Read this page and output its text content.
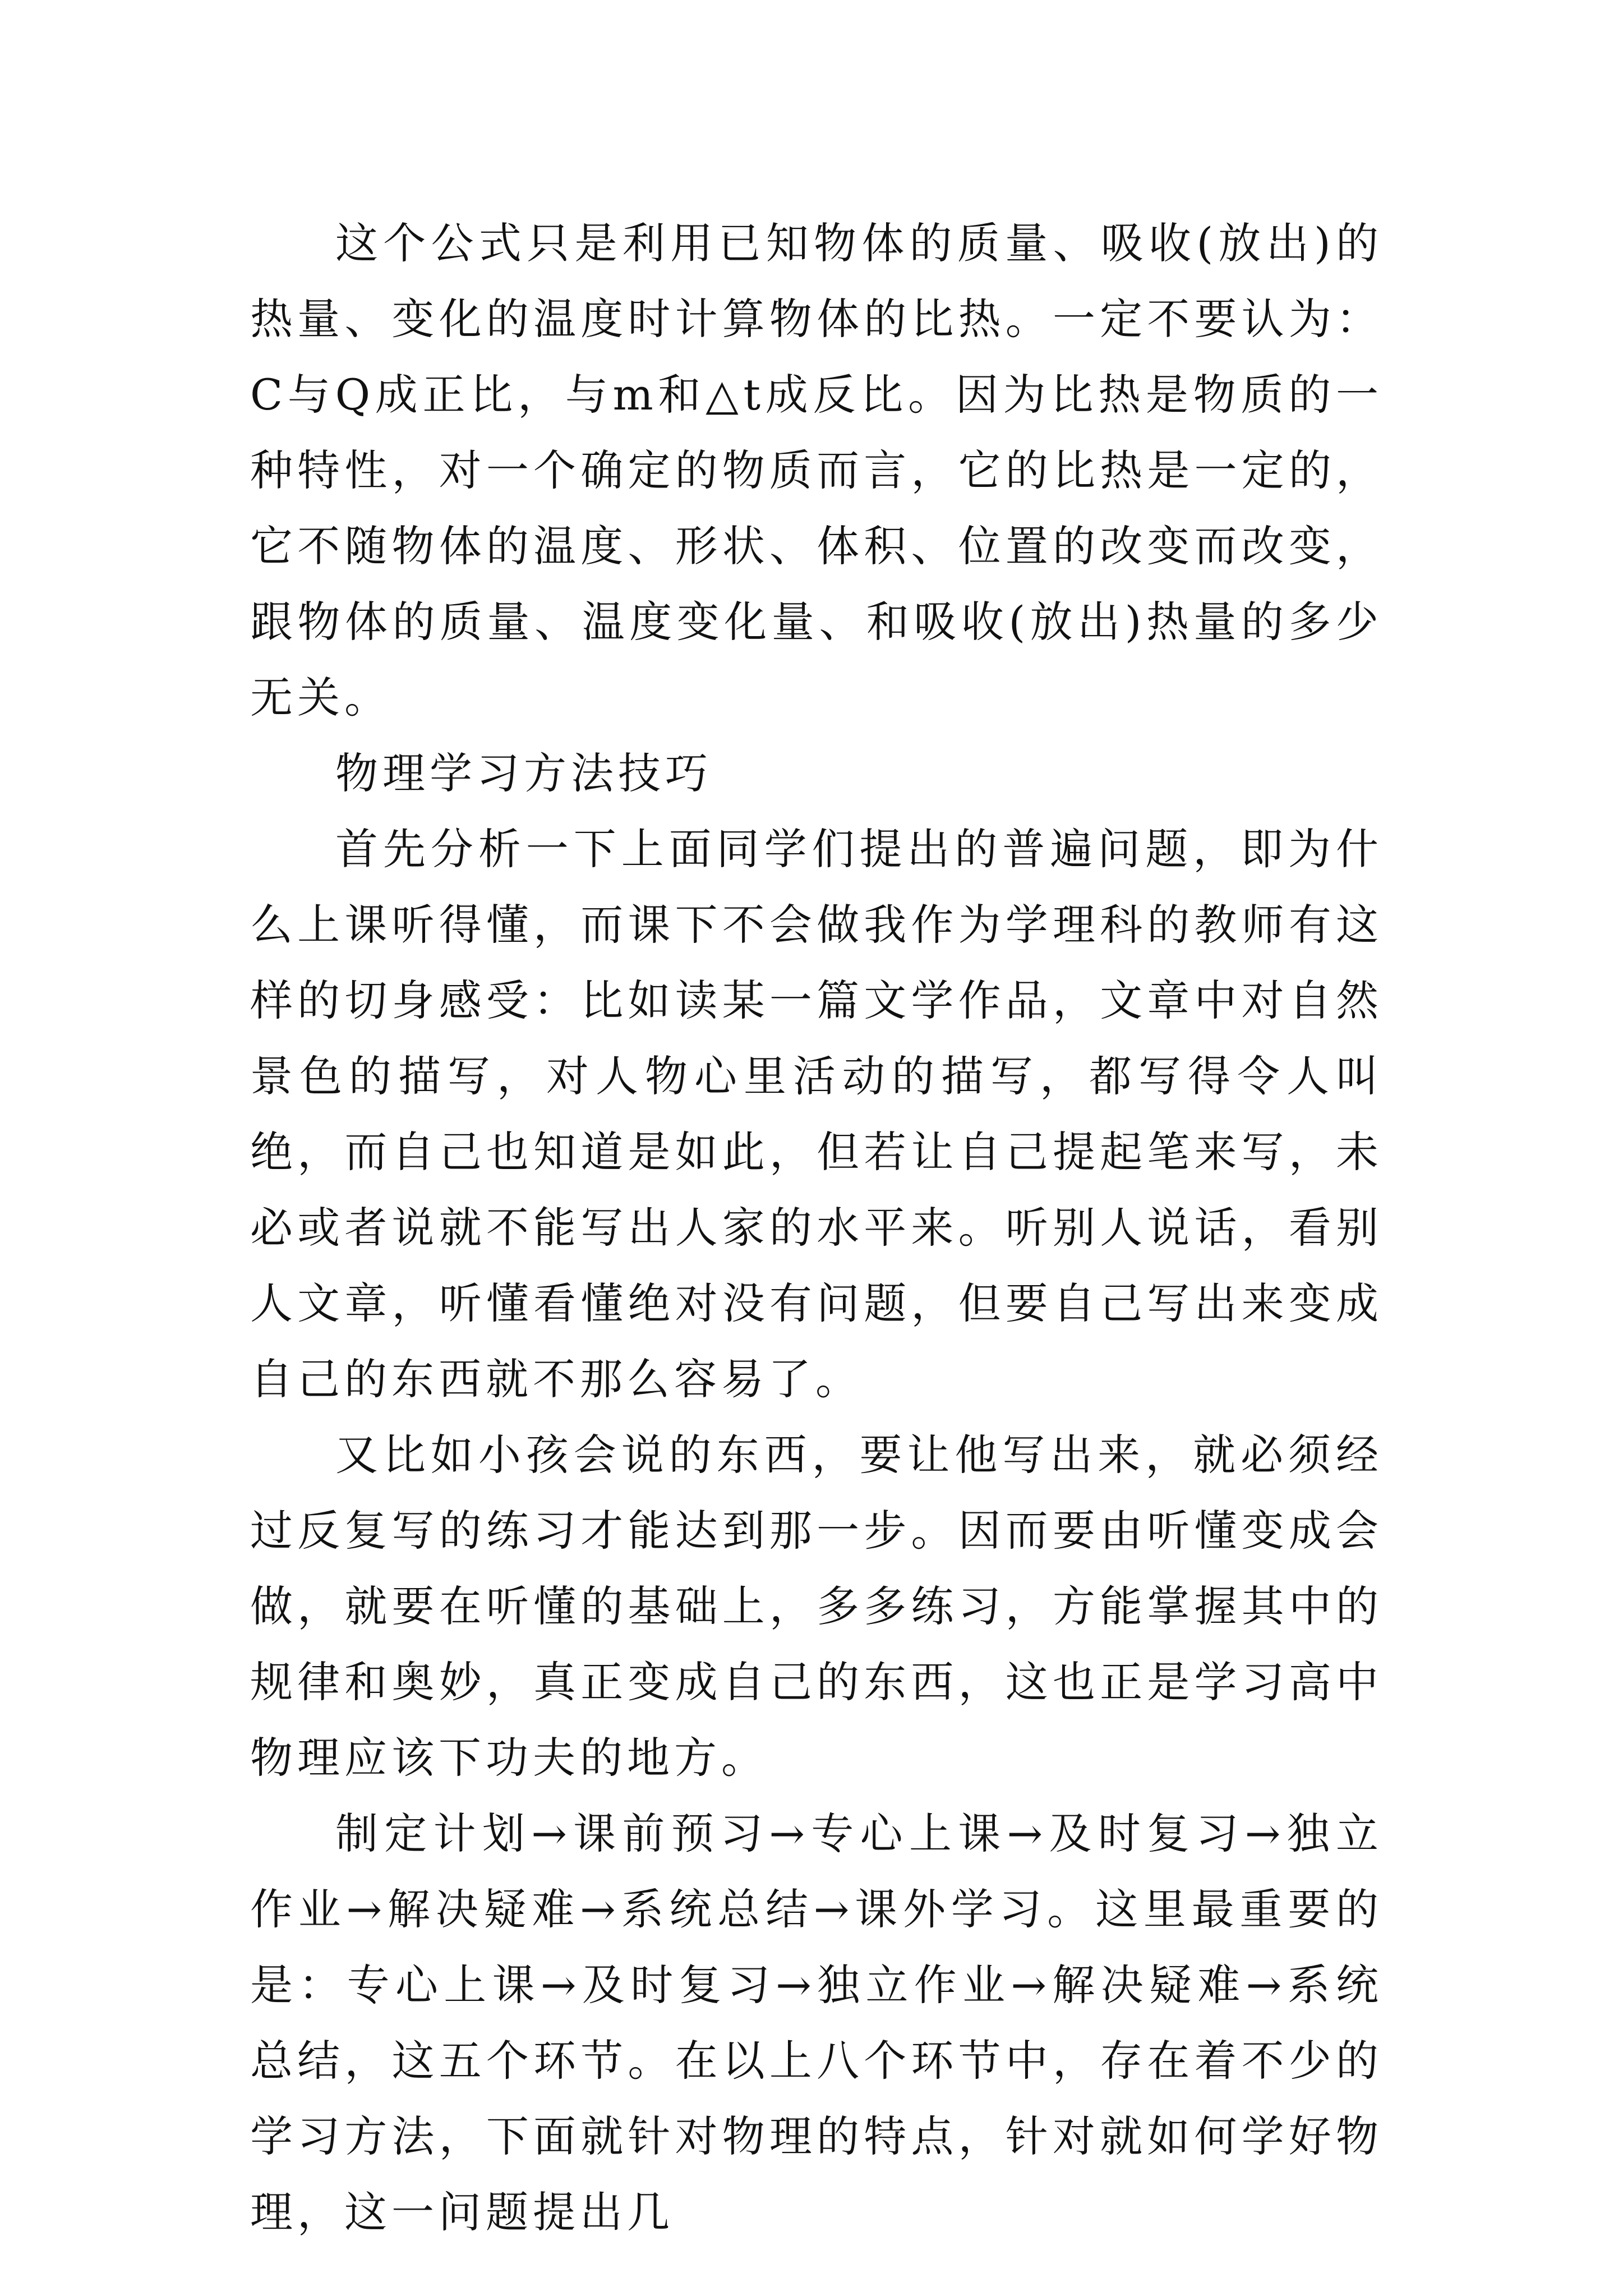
这个公式只是利用已知物体的质量、吸收(放出)的热量、变化的温度时计算物体的比热。一定不要认为：C与Q成正比，与m和△t成反比。因为比热是物质的一种特性，对一个确定的物质而言，它的比热是一定的，它不随物体的温度、形状、体积、位置的改变而改变，跟物体的质量、温度变化量、和吸收(放出)热量的多少无关。

物理学习方法技巧

首先分析一下上面同学们提出的普遍问题，即为什么上课听得懂，而课下不会做我作为学理科的教师有这样的切身感受：比如读某一篇文学作品，文章中对自然景色的描写，对人物心里活动的描写，都写得令人叫绝，而自己也知道是如此，但若让自己提起笔来写，未必或者说就不能写出人家的水平来。听别人说话，看别人文章，听懂看懂绝对没有问题，但要自己写出来变成自己的东西就不那么容易了。

又比如小孩会说的东西，要让他写出来，就必须经过反复写的练习才能达到那一步。因而要由听懂变成会做，就要在听懂的基础上，多多练习，方能掌握其中的规律和奥妙，真正变成自己的东西，这也正是学习高中物理应该下功夫的地方。

制定计划→课前预习→专心上课→及时复习→独立作业→解决疑难→系统总结→课外学习。这里最重要的是：专心上课→及时复习→独立作业→解决疑难→系统总结，这五个环节。在以上八个环节中，存在着不少的学习方法，下面就针对物理的特点，针对就如何学好物理，这一问题提出几
